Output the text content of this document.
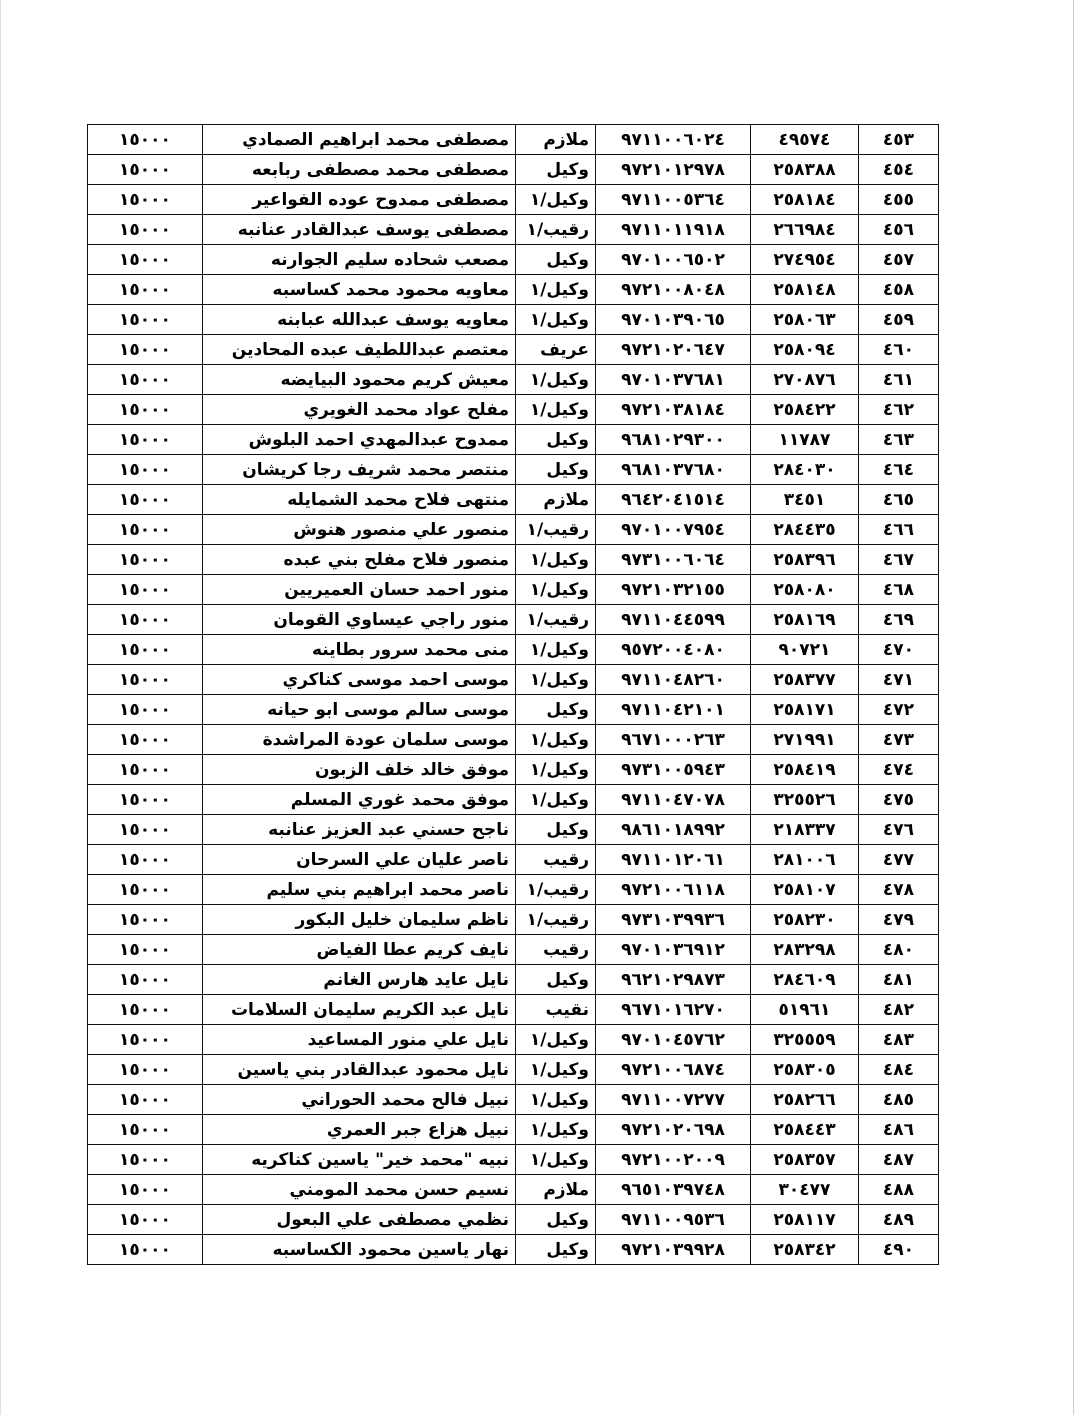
٤٥٣	٤٩٥٧٤	٩٧١١٠٠٦٠٢٤	ملازم	مصطفى محمد ابراهيم الصمادي	١٥٠٠٠
٤٥٤	٢٥٨٣٨٨	٩٧٢١٠١٢٩٧٨	وكيل	مصطفى محمد مصطفى ربابعه	١٥٠٠٠
٤٥٥	٢٥٨١٨٤	٩٧١١٠٠٥٣٦٤	وكيل/١	مصطفى ممدوح عوده الفواعير	١٥٠٠٠
٤٥٦	٢٦٦٩٨٤	٩٧١١٠١١٩١٨	رقيب/١	مصطفى يوسف عبدالقادر عنانبه	١٥٠٠٠
٤٥٧	٢٧٤٩٥٤	٩٧٠١٠٠٦٥٠٢	وكيل	مصعب شحاده سليم الجوارنه	١٥٠٠٠
٤٥٨	٢٥٨١٤٨	٩٧٢١٠٠٨٠٤٨	وكيل/١	معاويه محمود محمد كساسبه	١٥٠٠٠
٤٥٩	٢٥٨٠٦٣	٩٧٠١٠٣٩٠٦٥	وكيل/١	معاويه يوسف عبدالله عبابنه	١٥٠٠٠
٤٦٠	٢٥٨٠٩٤	٩٧٢١٠٢٠٦٤٧	عريف	معتصم عبداللطيف عبده المحادين	١٥٠٠٠
٤٦١	٢٧٠٨٧٦	٩٧٠١٠٣٧٦٨١	وكيل/١	معيش كريم محمود البيايضه	١٥٠٠٠
٤٦٢	٢٥٨٤٢٢	٩٧٢١٠٣٨١٨٤	وكيل/١	مفلح عواد محمد الغويري	١٥٠٠٠
٤٦٣	١١٧٨٧	٩٦٨١٠٢٩٣٠٠	وكيل	ممدوح عبدالمهدي احمد البلوش	١٥٠٠٠
٤٦٤	٢٨٤٠٣٠	٩٦٨١٠٣٧٦٨٠	وكيل	منتصر محمد شريف رجا كريشان	١٥٠٠٠
٤٦٥	٣٤٥١	٩٦٤٢٠٤١٥١٤	ملازم	منتهى فلاح محمد الشمايله	١٥٠٠٠
٤٦٦	٢٨٤٤٣٥	٩٧٠١٠٠٧٩٥٤	رقيب/١	منصور علي منصور هنوش	١٥٠٠٠
٤٦٧	٢٥٨٣٩٦	٩٧٣١٠٠٦٠٦٤	وكيل/١	منصور فلاح مفلح بني عبده	١٥٠٠٠
٤٦٨	٢٥٨٠٨٠	٩٧٢١٠٣٢١٥٥	وكيل/١	منور احمد حسان العميريين	١٥٠٠٠
٤٦٩	٢٥٨١٦٩	٩٧١١٠٤٤٥٩٩	رقيب/١	منور راجي عيساوي القومان	١٥٠٠٠
٤٧٠	٩٠٧٢١	٩٥٧٢٠٠٤٠٨٠	وكيل/١	منى محمد سرور بطاينه	١٥٠٠٠
٤٧١	٢٥٨٣٧٧	٩٧١١٠٤٨٢٦٠	وكيل/١	موسى احمد موسى كناكري	١٥٠٠٠
٤٧٢	٢٥٨١٧١	٩٧١١٠٤٢١٠١	وكيل	موسى سالم موسى ابو حيانه	١٥٠٠٠
٤٧٣	٢٧١٩٩١	٩٦٧١٠٠٠٢٦٣	وكيل/١	موسى سلمان عودة المراشدة	١٥٠٠٠
٤٧٤	٢٥٨٤١٩	٩٧٣١٠٠٥٩٤٣	وكيل/١	موفق خالد خلف الزبون	١٥٠٠٠
٤٧٥	٣٢٥٥٢٦	٩٧١١٠٤٧٠٧٨	وكيل/١	موفق محمد غوري المسلم	١٥٠٠٠
٤٧٦	٢١٨٣٣٧	٩٨٦١٠١٨٩٩٢	وكيل	ناجح حسني عبد العزيز عنانبه	١٥٠٠٠
٤٧٧	٢٨١٠٠٦	٩٧١١٠١٢٠٦١	رقيب	ناصر عليان علي السرحان	١٥٠٠٠
٤٧٨	٢٥٨١٠٧	٩٧٢١٠٠٦١١٨	رقيب/١	ناصر محمد ابراهيم بني سليم	١٥٠٠٠
٤٧٩	٢٥٨٢٣٠	٩٧٣١٠٣٩٩٣٦	رقيب/١	ناظم سليمان خليل البكور	١٥٠٠٠
٤٨٠	٢٨٣٢٩٨	٩٧٠١٠٣٦٩١٢	رقيب	نايف كريم عطا الفياض	١٥٠٠٠
٤٨١	٢٨٤٦٠٩	٩٦٢١٠٢٩٨٧٣	وكيل	نايل عايد هارس الغانم	١٥٠٠٠
٤٨٢	٥١٩٦١	٩٦٧١٠١٦٢٧٠	نقيب	نايل عبد الكريم سليمان السلامات	١٥٠٠٠
٤٨٣	٣٢٥٥٥٩	٩٧٠١٠٤٥٧٦٢	وكيل/١	نايل علي منور المساعيد	١٥٠٠٠
٤٨٤	٢٥٨٣٠٥	٩٧٢١٠٠٦٨٧٤	وكيل/١	نايل محمود عبدالقادر بني ياسين	١٥٠٠٠
٤٨٥	٢٥٨٢٦٦	٩٧١١٠٠٧٢٧٧	وكيل/١	نبيل فالح محمد الحوراني	١٥٠٠٠
٤٨٦	٢٥٨٤٤٣	٩٧٢١٠٢٠٦٩٨	وكيل/١	نبيل هزاع جبر العمري	١٥٠٠٠
٤٨٧	٢٥٨٣٥٧	٩٧٢١٠٠٢٠٠٩	وكيل/١	نبيه "محمد خير" ياسين كناكريه	١٥٠٠٠
٤٨٨	٣٠٤٧٧	٩٦٥١٠٣٩٧٤٨	ملازم	نسيم حسن محمد المومني	١٥٠٠٠
٤٨٩	٢٥٨١١٧	٩٧١١٠٠٩٥٣٦	وكيل	نظمي مصطفى علي البعول	١٥٠٠٠
٤٩٠	٢٥٨٣٤٢	٩٧٢١٠٣٩٩٢٨	وكيل	نهار ياسين محمود الكساسبه	١٥٠٠٠
